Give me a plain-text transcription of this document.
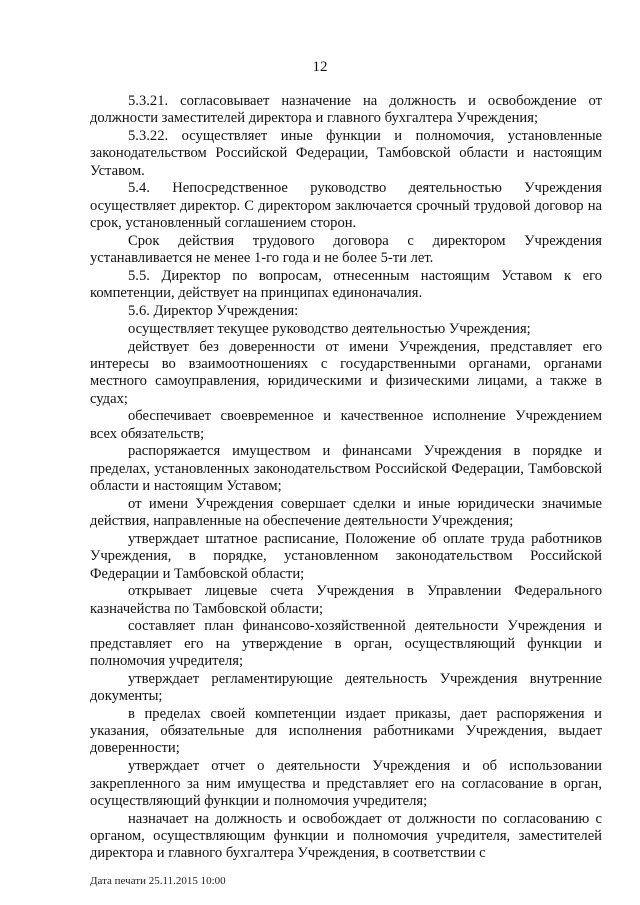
12

5.3.21. согласовывает назначение на должность и освобождение от должности заместителей директора и главного бухгалтера Учреждения;

5.3.22. осуществляет иные функции и полномочия, установленные законодательством Российской Федерации, Тамбовской области и настоящим Уставом.

5.4. Непосредственное руководство деятельностью Учреждения осуществляет директор. С директором заключается срочный трудовой договор на срок, установленный соглашением сторон.

Срок действия трудового договора с директором Учреждения устанавливается не менее 1-го года и не более 5-ти лет.

5.5. Директор по вопросам, отнесенным настоящим Уставом к его компетенции, действует на принципах единоначалия.

5.6. Директор Учреждения:

осуществляет текущее руководство деятельностью Учреждения;

действует без доверенности от имени Учреждения, представляет его интересы во взаимоотношениях с государственными органами, органами местного самоуправления, юридическими и физическими лицами, а также в судах;

обеспечивает своевременное и качественное исполнение Учреждением всех обязательств;

распоряжается имуществом и финансами Учреждения в порядке и пределах, установленных законодательством Российской Федерации, Тамбовской области и настоящим Уставом;

от имени Учреждения совершает сделки и иные юридически значимые действия, направленные на обеспечение деятельности Учреждения;

утверждает штатное расписание, Положение об оплате труда работников Учреждения, в порядке, установленном законодательством Российской Федерации и Тамбовской области;

открывает лицевые счета Учреждения в Управлении Федерального казначейства по Тамбовской области;

составляет план финансово-хозяйственной деятельности Учреждения и представляет его на утверждение в орган, осуществляющий функции и полномочия учредителя;

утверждает регламентирующие деятельность Учреждения внутренние документы;

в пределах своей компетенции издает приказы, дает распоряжения и указания, обязательные для исполнения работниками Учреждения, выдает доверенности;

утверждает отчет о деятельности Учреждения и об использовании закрепленного за ним имущества и представляет его на согласование в орган, осуществляющий функции и полномочия учредителя;

назначает на должность и освобождает от должности по согласованию с органом, осуществляющим функции и полномочия учредителя, заместителей директора и главного бухгалтера Учреждения, в соответствии с

Дата печати 25.11.2015 10:00
